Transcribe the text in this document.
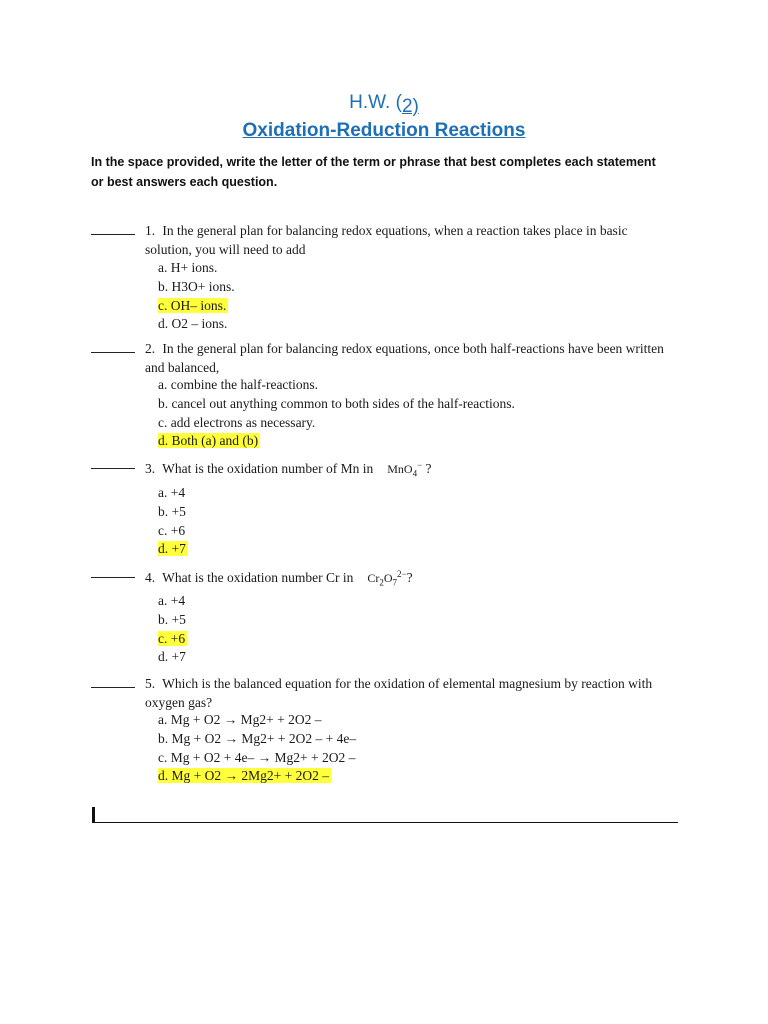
H.W. (2)
Oxidation-Reduction Reactions
In the space provided, write the letter of the term or phrase that best completes each statement or best answers each question.
1. In the general plan for balancing redox equations, when a reaction takes place in basic solution, you will need to add
a. H+ ions.
b. H3O+ ions.
c. OH– ions.
d. O2 – ions.
2. In the general plan for balancing redox equations, once both half-reactions have been written and balanced,
a. combine the half-reactions.
b. cancel out anything common to both sides of the half-reactions.
c. add electrons as necessary.
d. Both (a) and (b)
3. What is the oxidation number of Mn in MnO$_4$− ?
a. +4
b. +5
c. +6
d. +7
4. What is the oxidation number Cr in $Cr_2O_7^{2-}$?
a. +4
b. +5
c. +6
d. +7
5. Which is the balanced equation for the oxidation of elemental magnesium by reaction with oxygen gas?
a. Mg + O2 → Mg2+ + 2O2 –
b. Mg + O2 → Mg2+ + 2O2 – + 4e–
c. Mg + O2 + 4e– → Mg2+ + 2O2 –
d. Mg + O2 → 2Mg2+ + 2O2 –
